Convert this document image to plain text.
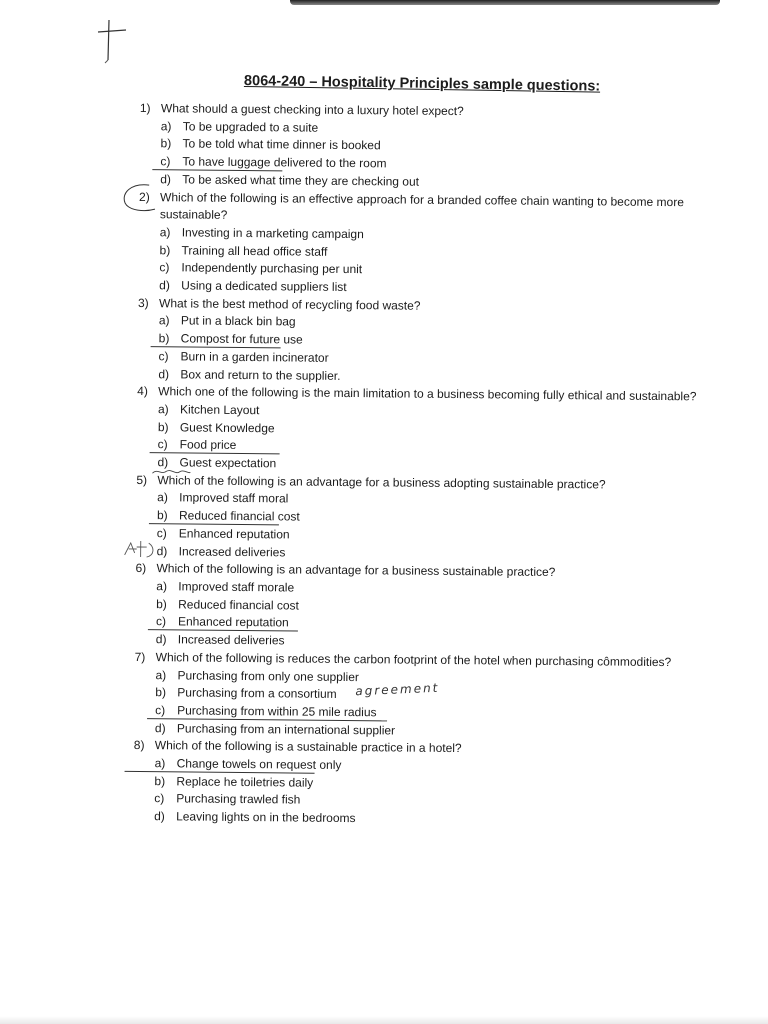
8064-240 – Hospitality Principles sample questions:
1) What should a guest checking into a luxury hotel expect?
a) To be upgraded to a suite
b) To be told what time dinner is booked
c) To have luggage delivered to the room
d) To be asked what time they are checking out
2) Which of the following is an effective approach for a branded coffee chain wanting to become more sustainable?
a) Investing in a marketing campaign
b) Training all head office staff
c) Independently purchasing per unit
d) Using a dedicated suppliers list
3) What is the best method of recycling food waste?
a) Put in a black bin bag
b) Compost for future use
c) Burn in a garden incinerator
d) Box and return to the supplier.
4) Which one of the following is the main limitation to a business becoming fully ethical and sustainable?
a) Kitchen Layout
b) Guest Knowledge
c) Food price
d) Guest expectation
5) Which of the following is an advantage for a business adopting sustainable practice?
a) Improved staff moral
b) Reduced financial cost
c) Enhanced reputation
d) Increased deliveries
6) Which of the following is an advantage for a business sustainable practice?
a) Improved staff morale
b) Reduced financial cost
c) Enhanced reputation
d) Increased deliveries
7) Which of the following is reduces the carbon footprint of the hotel when purchasing cômmodities?
a) Purchasing from only one supplier
b) Purchasing from a consortium agreement
c) Purchasing from within 25 mile radius
d) Purchasing from an international supplier
8) Which of the following is a sustainable practice in a hotel?
a) Change towels on request only
b) Replace he toiletries daily
c) Purchasing trawled fish
d) Leaving lights on in the bedrooms
